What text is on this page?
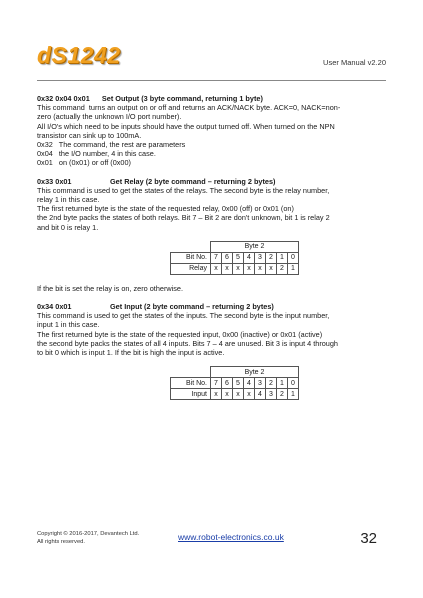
dS1242	User Manual v2.20
0x32 0x04 0x01      Set Output (3 byte command, returning 1 byte)
This command  turns an output on or off and returns an ACK/NACK byte. ACK=0, NACK=non-
zero (actually the unknown I/O port number).
All I/O's which need to be inputs should have the output turned off. When turned on the NPN
transistor can sink up to 100mA.
0x32   The command, the rest are parameters
0x04   the I/O number, 4 in this case.
0x01   on (0x01) or off (0x00)
0x33 0x01                   Get Relay (2 byte command – returning 2 bytes)
This command is used to get the states of the relays. The second byte is the relay number,
relay 1 in this case.
The first returned byte is the state of the requested relay, 0x00 (off) or 0x01 (on)
the 2nd byte packs the states of both relays. Bit 7 – Bit 2 are don't unknown, bit 1 is relay 2
and bit 0 is relay 1.
	Byte 2							
Bit No.	7	6	5	4	3	2	1	0
Relay	x	x	x	x	x	x	2	1
If the bit is set the relay is on, zero otherwise.
0x34 0x01                   Get Input (2 byte command – returning 2 bytes)
This command is used to get the states of the inputs. The second byte is the input number,
input 1 in this case.
The first returned byte is the state of the requested input, 0x00 (inactive) or 0x01 (active)
the second byte packs the states of all 4 inputs. Bits 7 – 4 are unused. Bit 3 is input 4 through
to bit 0 which is input 1. If the bit is high the input is active.
	Byte 2							
Bit No.	7	6	5	4	3	2	1	0
Input	x	x	x	x	4	3	2	1
Copyright © 2016-2017, Devantech Ltd.
All rights reserved.	www.robot-electronics.co.uk	32
